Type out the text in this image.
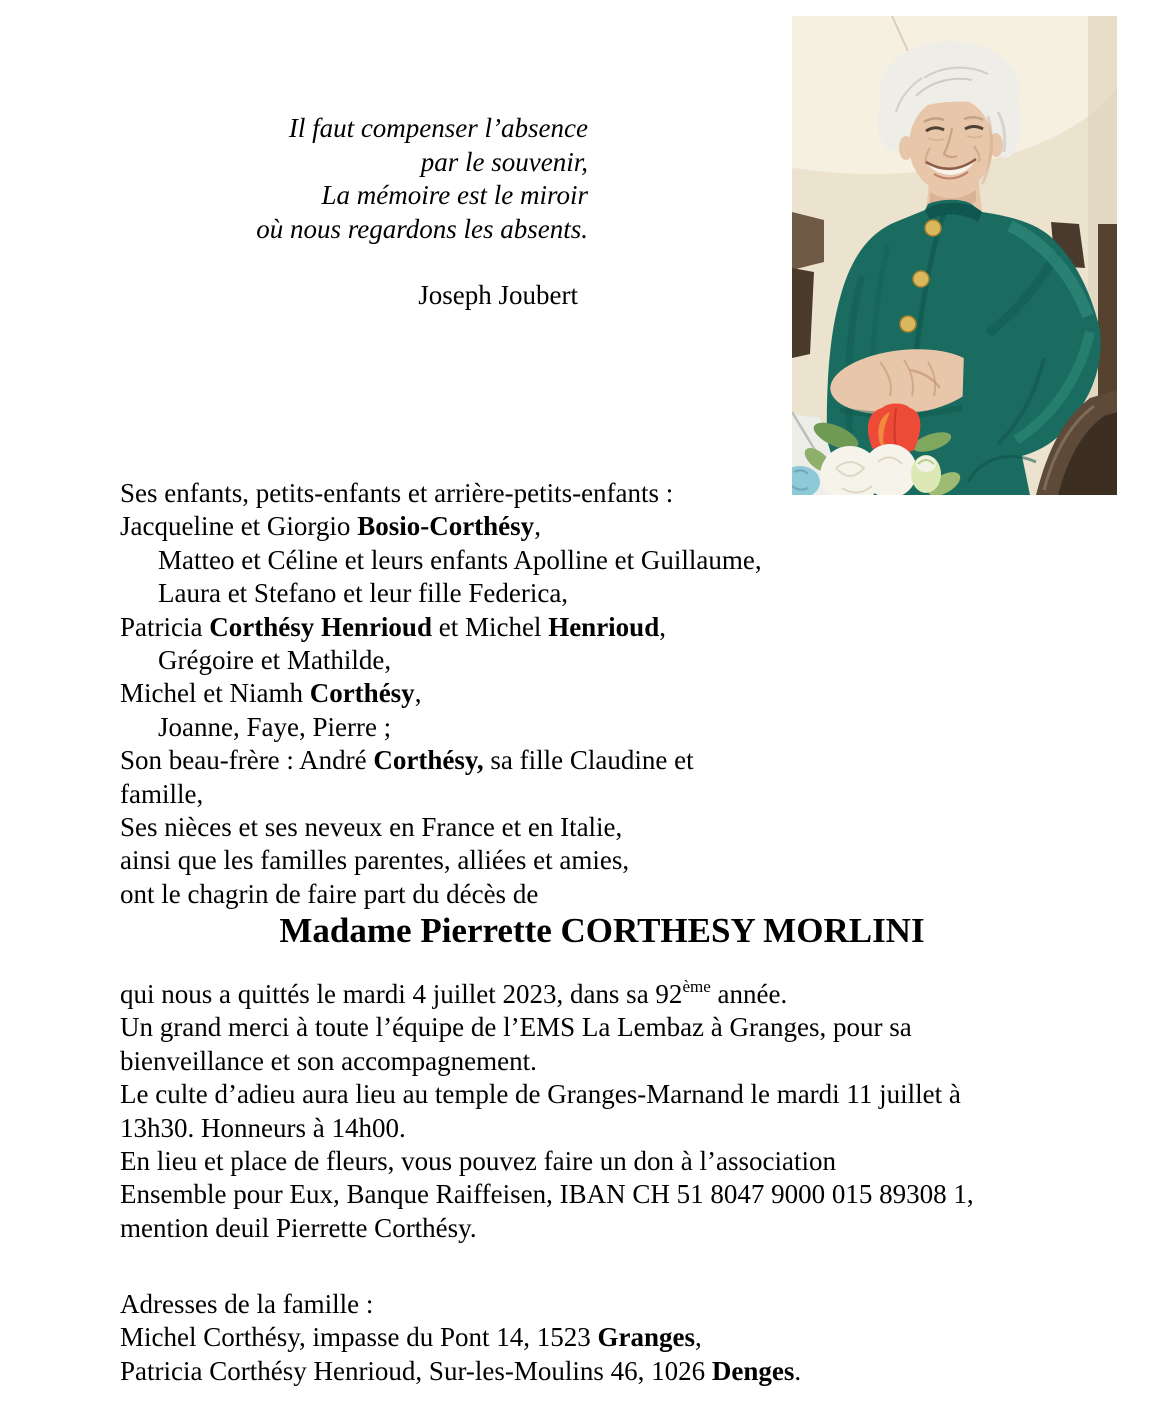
Il faut compenser l’absence
par le souvenir,
La mémoire est le miroir
où nous regardons les absents.
Joseph Joubert
Ses enfants, petits-enfants et arrière-petits-enfants :
Jacqueline et Giorgio Bosio-Corthésy,
Matteo et Céline et leurs enfants Apolline et Guillaume,
Laura et Stefano et leur fille Federica,
Patricia Corthésy Henrioud et Michel Henrioud,
Grégoire et Mathilde,
Michel et Niamh Corthésy,
Joanne, Faye, Pierre ;
Son beau-frère : André Corthésy, sa fille Claudine et famille,
Ses nièces et ses neveux en France et en Italie,
ainsi que les familles parentes, alliées et amies,
ont le chagrin de faire part du décès de
Madame Pierrette CORTHESY MORLINI
qui nous a quittés le mardi 4 juillet 2023, dans sa 92ème année.
Un grand merci à toute l’équipe de l’EMS La Lembaz à Granges, pour sa
bienveillance et son accompagnement.
Le culte d’adieu aura lieu au temple de Granges-Marnand le mardi 11 juillet à
13h30. Honneurs à 14h00.
En lieu et place de fleurs, vous pouvez faire un don à l’association
Ensemble pour Eux, Banque Raiffeisen, IBAN CH 51 8047 9000 015 89308 1,
mention deuil Pierrette Corthésy.
Adresses de la famille :
Michel Corthésy, impasse du Pont 14, 1523 Granges,
Patricia Corthésy Henrioud, Sur-les-Moulins 46, 1026 Denges.
